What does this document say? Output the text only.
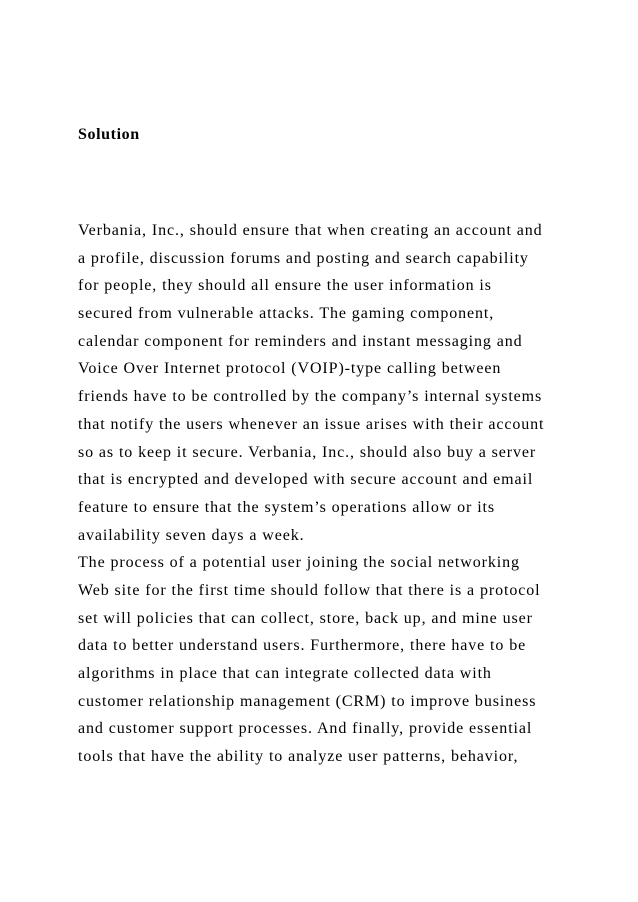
Solution
Verbania, Inc., should ensure that when creating an account and
a profile, discussion forums and posting and search capability
for people, they should all ensure the user information is
secured from vulnerable attacks. The gaming component,
calendar component for reminders and instant messaging and
Voice Over Internet protocol (VOIP)-type calling between
friends have to be controlled by the company’s internal systems
that notify the users whenever an issue arises with their account
so as to keep it secure. Verbania, Inc., should also buy a server
that is encrypted and developed with secure account and email
feature to ensure that the system’s operations allow or its
availability seven days a week.
The process of a potential user joining the social networking
Web site for the first time should follow that there is a protocol
set will policies that can collect, store, back up, and mine user
data to better understand users. Furthermore, there have to be
algorithms in place that can integrate collected data with
customer relationship management (CRM) to improve business
and customer support processes. And finally, provide essential
tools that have the ability to analyze user patterns, behavior,
